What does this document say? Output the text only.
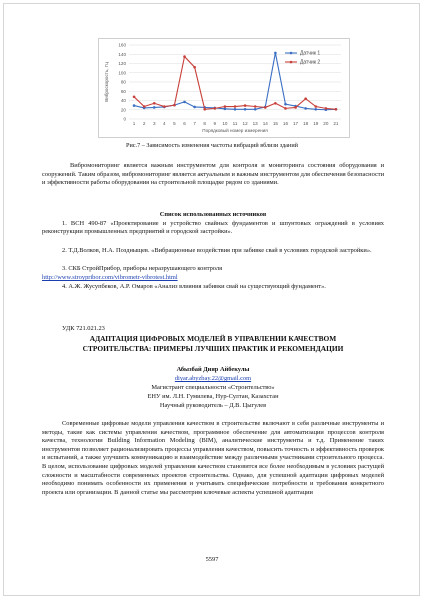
0
20
40
60
80
100
120
140
160
1 2 3 4 5 6 7 8 9 10 11 12 13 14 15 16 17 18 19 20 21
Порядковый номер измерения
Виброскорость, Гц
Датчик 1
Датчик 2
Рис.7 – Зависимость изменения частоты вибраций вблизи зданий
Вибромониторинг является важным инструментом для контроля и мониторинга состояния оборудования и сооружений. Таким образом, вибромониторинг является актуальным и важным инструментом для обеспечения безопасности и эффективности работы оборудования на строительной площадке рядом со зданиями.
Список использованных источников
1. ВСН 490-87 «Проектирование и устройство свайных фундаментов и шпунтовых ограждений в условиях реконструкции промышленных предприятий и городской застройки».
2. Т.Д.Волков, Н.А. Поздныщев. «Вибрационные воздействия при забивке свай в условиях городской застройки».
3. СКБ СтройПрибор, приборы неразрушающего контроля
http://www.stroypribor.com/vibrometr-vibrotest.html
4. А.Ж. Жусупбеков, А.Р. Омаров «Анализ влияния забивки свай на существующий фундамент».
УДК 721.021.23
АДАПТАЦИЯ ЦИФРОВЫХ МОДЕЛЕЙ В УПРАВЛЕНИИ КАЧЕСТВОМ
СТРОИТЕЛЬСТВА: ПРИМЕРЫ ЛУЧШИХ ПРАКТИК И РЕКОМЕНДАЦИИ
Абызбай Дияр Айбекулы
diyar.abyzbay.22@gmail.com
Магистрант специальности «Строительство»
ЕНУ им. Л.Н. Гумилева, Нур-Султан, Казахстан
Научный руководитель – Д.В. Цыгулев
Современные цифровые модели управления качеством в строительстве включают в себя различные инструменты и методы, такие как системы управления качеством, программное обеспечение для автоматизации процессов контроля качества, технологии Building Information Modeling (BIM), аналитические инструменты и т.д. Применение таких инструментов позволяет рационализировать процессы управления качеством, повысить точность и эффективность проверок и испытаний, а также улучшить коммуникацию и взаимодействие между различными участниками строительного процесса. В целом, использование цифровых моделей управления качеством становится все более необходимым в условиях растущей сложности и масштабности современных проектов строительства. Однако, для успешной адаптации цифровых моделей необходимо понимать особенности их применения и учитывать специфические потребности и требования конкретного проекта или организации. В данной статье мы рассмотрим ключевые аспекты успешной адаптации
5597
